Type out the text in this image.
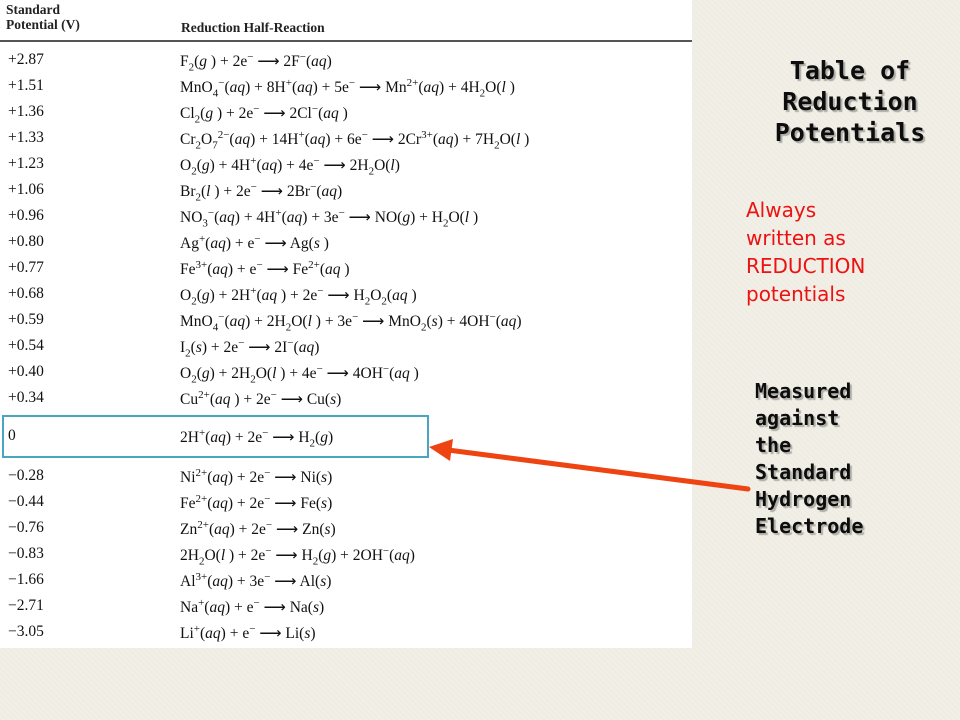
Standard
Potential (V)	Reduction Half-Reaction
+2.87	$F_2(g$ ) + 2e− ⟶ 2F−(aq)
+1.51	MnO$_4$−(aq) + 8H+(aq) + 5e− ⟶ $Mn^{2+}(aq) + 4H_2O(l$ )
+1.36	$Cl_2(g$ ) + 2e− ⟶ 2Cl−(aq )
+1.33	$Cr_2O_7^{2-}(aq) + 14H^+(aq) + 6e^-$ ⟶ $2Cr^{3+}(aq) + 7H_2O(l$ )
+1.23	$O_2(g) + 4H^+(aq) + 4e^-$ ⟶ $2H_2O(l)$
+1.06	$Br_2(l$ ) + 2e− ⟶ 2Br−(aq)
+0.96	$NO_3^-(aq) + 4H^+(aq) + 3e^-$ ⟶ $NO(g) + H_2O(l$ )
+0.80	Ag+(aq) + e− ⟶ Ag(s )
+0.77	$Fe^{3+}(aq) + e^-$ ⟶ $Fe^{2+}(aq$ )
+0.68	$O_2(g) + 2H^+(aq$ ) + 2e− ⟶ $H_2O_2(aq$ )
+0.59	$MnO_4^-(aq) + 2H_2O(l$ ) + 3e− ⟶ MnO$_2$(s) + 4OH−(aq)
+0.54	$I_2(s) + 2e^-$ ⟶ 2I−(aq)
+0.40	$O_2(g) + 2H_2O(l$ ) + 4e− ⟶ 4OH−(aq )
+0.34	$Cu^{2+}(aq$ ) + 2e− ⟶ Cu(s)
0	2H+(aq) + 2e− ⟶ $H_2(g)$
−0.28	$Ni^{2+}(aq) + 2e^-$ ⟶ Ni(s)
−0.44	$Fe^{2+}(aq) + 2e^-$ ⟶ Fe(s)
−0.76	$Zn^{2+}(aq) + 2e^-$ ⟶ Zn(s)
−0.83	$2H_2O(l$ ) + 2e− ⟶ $H_2(g) + 2OH^-(aq)$
−1.66	$Al^{3+}(aq) + 3e^-$ ⟶ Al(s)
−2.71	Na+(aq) + e− ⟶ Na(s)
−3.05	Li+(aq) + e− ⟶ Li(s)
Table of
Reduction
Potentials
Always
written as
REDUCTION
potentials
Measured
against
the
Standard
Hydrogen
Electrode
